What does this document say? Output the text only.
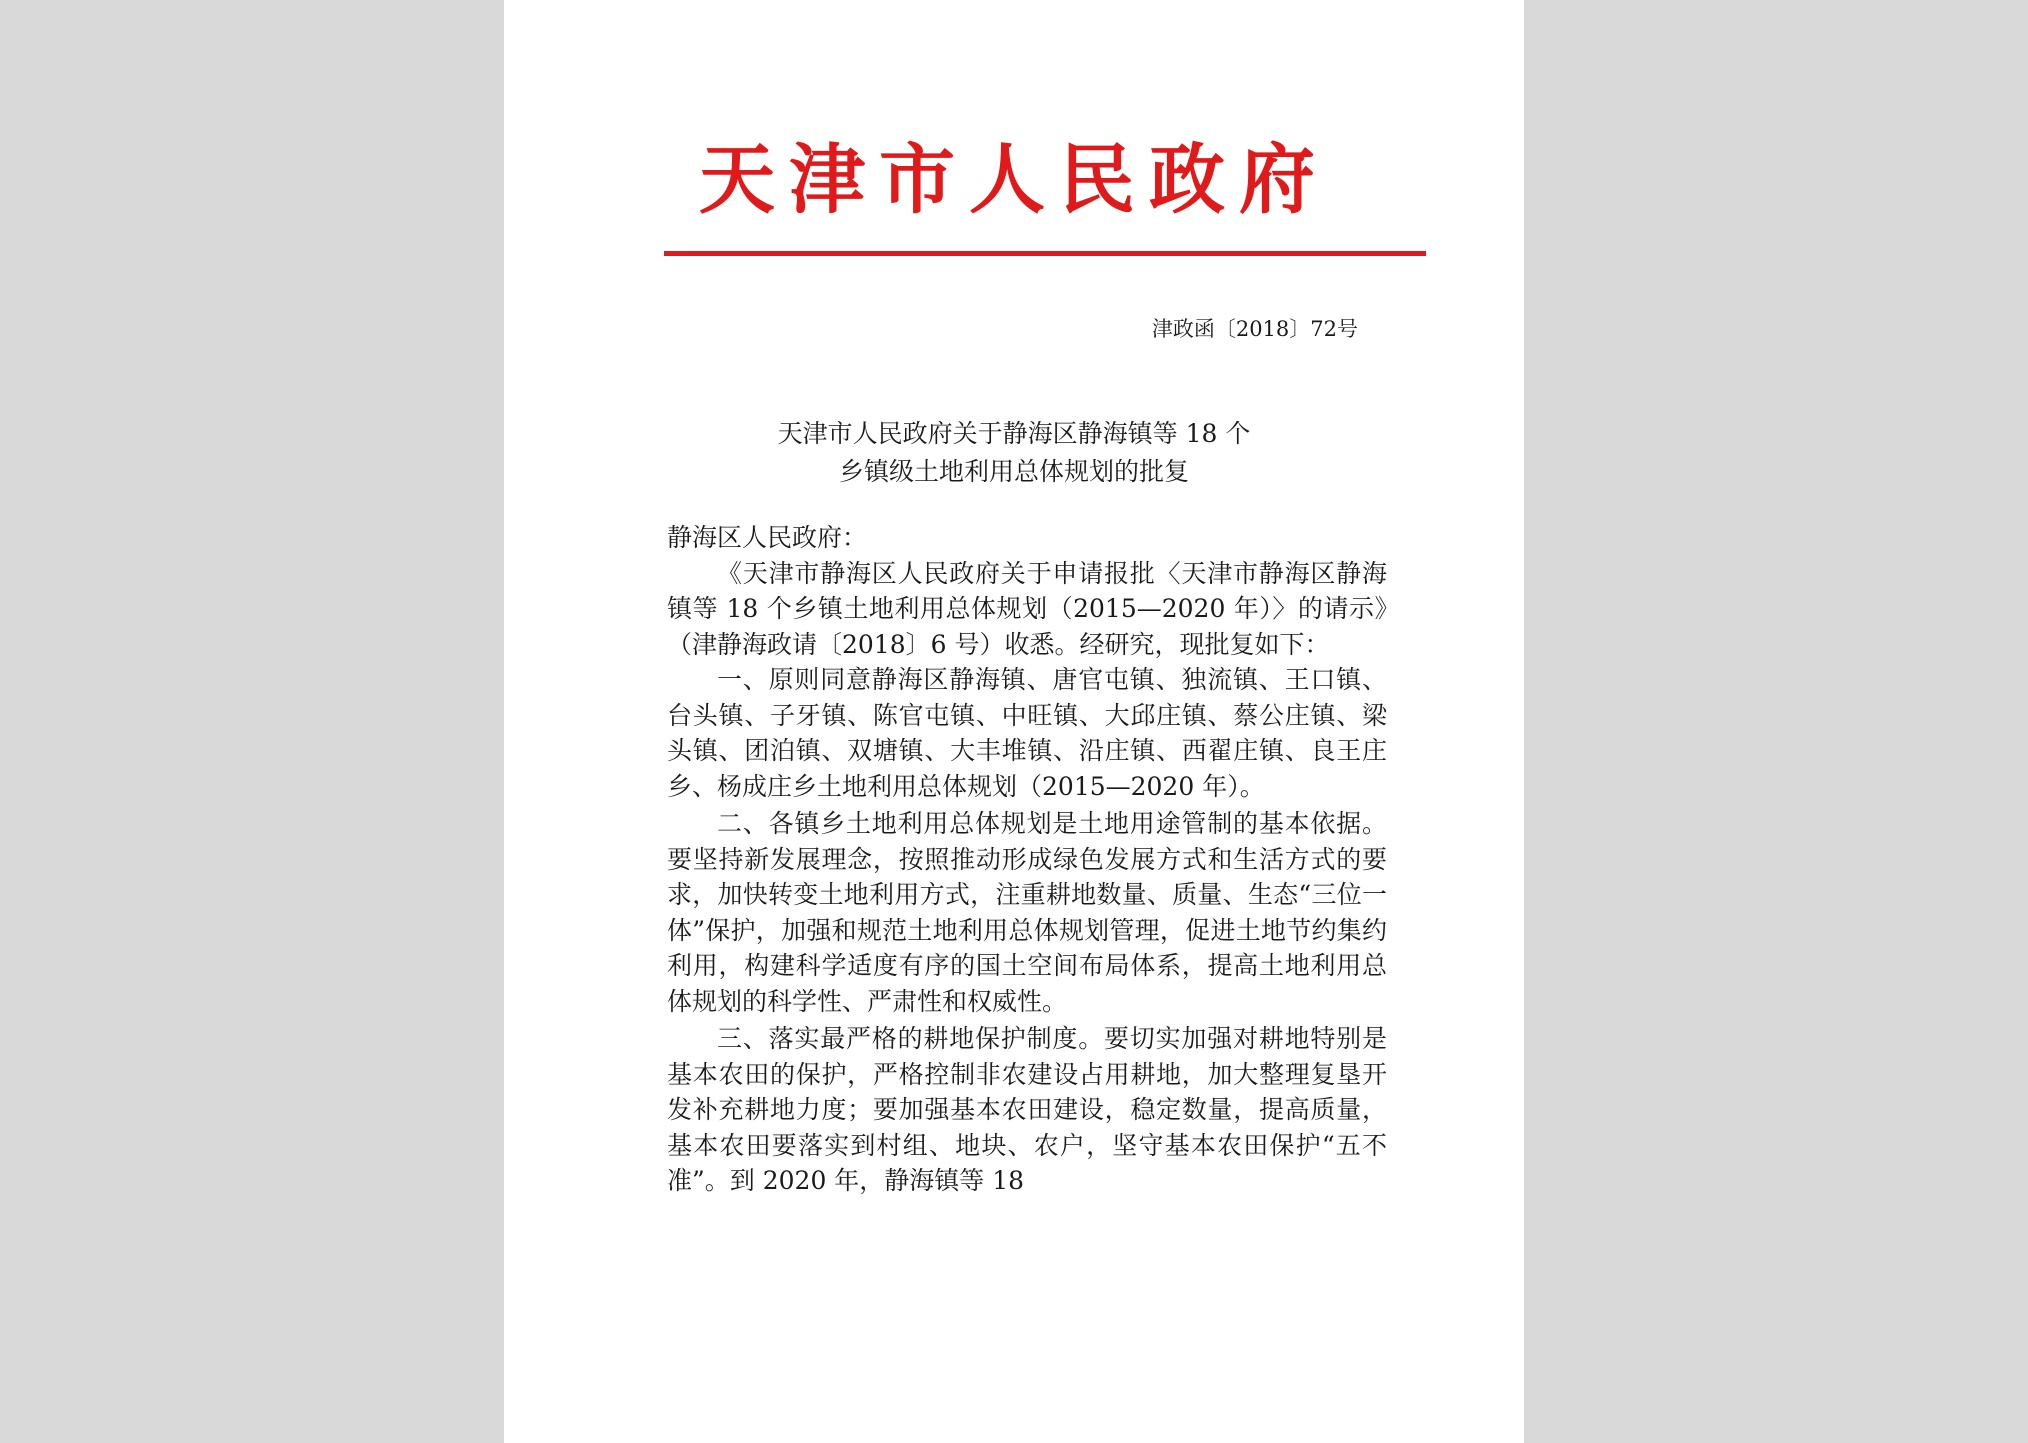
天津市人民政府
津政函〔2018〕72号
天津市人民政府关于静海区静海镇等 18 个
乡镇级土地利用总体规划的批复

静海区人民政府：

《天津市静海区人民政府关于申请报批〈天津市静海区静海镇等 18 个乡镇土地利用总体规划（2015—2020 年）〉的请示》（津静海政请〔2018〕6 号）收悉。经研究，现批复如下：

一、原则同意静海区静海镇、唐官屯镇、独流镇、王口镇、台头镇、子牙镇、陈官屯镇、中旺镇、大邱庄镇、蔡公庄镇、梁头镇、团泊镇、双塘镇、大丰堆镇、沿庄镇、西翟庄镇、良王庄乡、杨成庄乡土地利用总体规划（2015—2020 年）。

二、各镇乡土地利用总体规划是土地用途管制的基本依据。要坚持新发展理念，按照推动形成绿色发展方式和生活方式的要求，加快转变土地利用方式，注重耕地数量、质量、生态“三位一体”保护，加强和规范土地利用总体规划管理，促进土地节约集约利用，构建科学适度有序的国土空间布局体系，提高土地利用总体规划的科学性、严肃性和权威性。

三、落实最严格的耕地保护制度。要切实加强对耕地特别是基本农田的保护，严格控制非农建设占用耕地，加大整理复垦开发补充耕地力度；要加强基本农田建设，稳定数量，提高质量，基本农田要落实到村组、地块、农户，坚守基本农田保护“五不准”。到 2020 年，静海镇等 18
